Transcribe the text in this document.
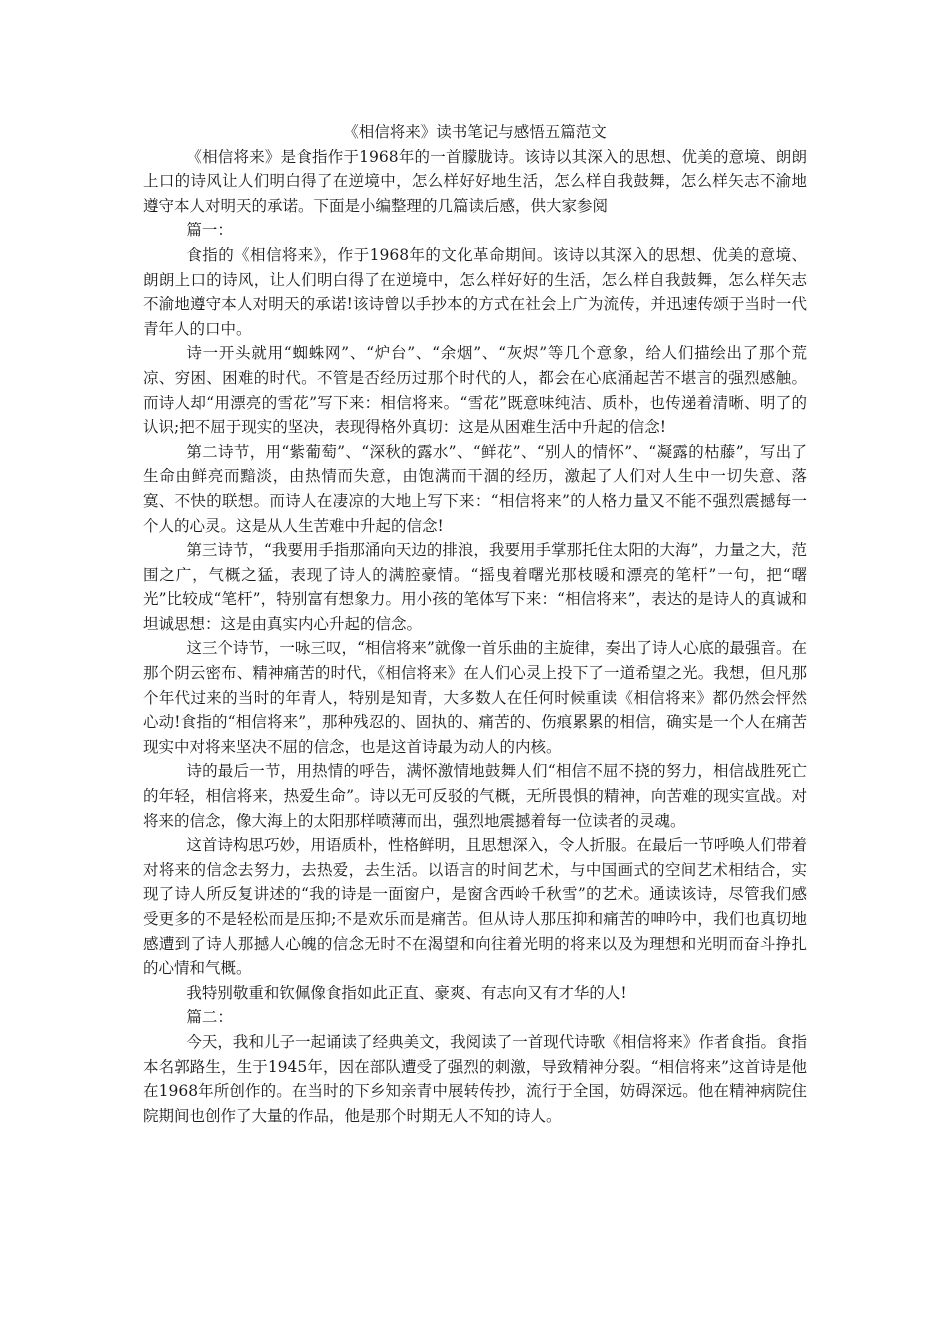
《相信将来》读书笔记与感悟五篇范文

《相信将来》是食指作于1968年的一首朦胧诗。该诗以其深入的思想、优美的意境、朗朗上口的诗风让人们明白得了在逆境中，怎么样好好地生活，怎么样自我鼓舞，怎么样矢志不渝地遵守本人对明天的承诺。下面是小编整理的几篇读后感，供大家参阅

篇一：

食指的《相信将来》，作于1968年的文化革命期间。该诗以其深入的思想、优美的意境、朗朗上口的诗风，让人们明白得了在逆境中，怎么样好好的生活，怎么样自我鼓舞，怎么样矢志不渝地遵守本人对明天的承诺!该诗曾以手抄本的方式在社会上广为流传，并迅速传颂于当时一代青年人的口中。

诗一开头就用“蜘蛛网”、“炉台”、“余烟”、“灰烬”等几个意象，给人们描绘出了那个荒凉、穷困、困难的时代。不管是否经历过那个时代的人，都会在心底涌起苦不堪言的强烈感触。而诗人却“用漂亮的雪花”写下来：相信将来。“雪花”既意味纯洁、质朴，也传递着清晰、明了的认识;把不屈于现实的坚决，表现得格外真切：这是从困难生活中升起的信念!

第二诗节，用“紫葡萄”、“深秋的露水”、“鲜花”、“别人的情怀”、“凝露的枯藤”，写出了生命由鲜亮而黯淡，由热情而失意，由饱满而干涸的经历，激起了人们对人生中一切失意、落寞、不快的联想。而诗人在凄凉的大地上写下来：“相信将来”的人格力量又不能不强烈震撼每一个人的心灵。这是从人生苦难中升起的信念!

第三诗节，“我要用手指那涌向天边的排浪，我要用手掌那托住太阳的大海”，力量之大，范围之广，气概之猛，表现了诗人的满腔豪情。“摇曳着曙光那枝暖和漂亮的笔杆”一句，把“曙光”比较成“笔杆”，特别富有想象力。用小孩的笔体写下来：“相信将来”，表达的是诗人的真诚和坦诚思想：这是由真实内心升起的信念。

这三个诗节，一咏三叹，“相信将来”就像一首乐曲的主旋律，奏出了诗人心底的最强音。在那个阴云密布、精神痛苦的时代，《相信将来》在人们心灵上投下了一道希望之光。我想，但凡那个年代过来的当时的年青人，特别是知青，大多数人在任何时候重读《相信将来》都仍然会怦然心动!食指的“相信将来”，那种残忍的、固执的、痛苦的、伤痕累累的相信，确实是一个人在痛苦现实中对将来坚决不屈的信念，也是这首诗最为动人的内核。

诗的最后一节，用热情的呼告，满怀激情地鼓舞人们“相信不屈不挠的努力，相信战胜死亡的年轻，相信将来，热爱生命”。诗以无可反驳的气概，无所畏惧的精神，向苦难的现实宣战。对将来的信念，像大海上的太阳那样喷薄而出，强烈地震撼着每一位读者的灵魂。

这首诗构思巧妙，用语质朴，性格鲜明，且思想深入，令人折服。在最后一节呼唤人们带着对将来的信念去努力，去热爱，去生活。以语言的时间艺术，与中国画式的空间艺术相结合，实现了诗人所反复讲述的“我的诗是一面窗户，是窗含西岭千秋雪”的艺术。通读该诗，尽管我们感受更多的不是轻松而是压抑;不是欢乐而是痛苦。但从诗人那压抑和痛苦的呻吟中，我们也真切地感遭到了诗人那撼人心魄的信念无时不在渴望和向往着光明的将来以及为理想和光明而奋斗挣扎的心情和气概。

我特别敬重和钦佩像食指如此正直、豪爽、有志向又有才华的人!

篇二：

今天，我和儿子一起诵读了经典美文，我阅读了一首现代诗歌《相信将来》作者食指。食指本名郭路生，生于1945年，因在部队遭受了强烈的刺激，导致精神分裂。“相信将来”这首诗是他在1968年所创作的。在当时的下乡知亲青中展转传抄，流行于全国，妨碍深远。他在精神病院住院期间也创作了大量的作品，他是那个时期无人不知的诗人。
